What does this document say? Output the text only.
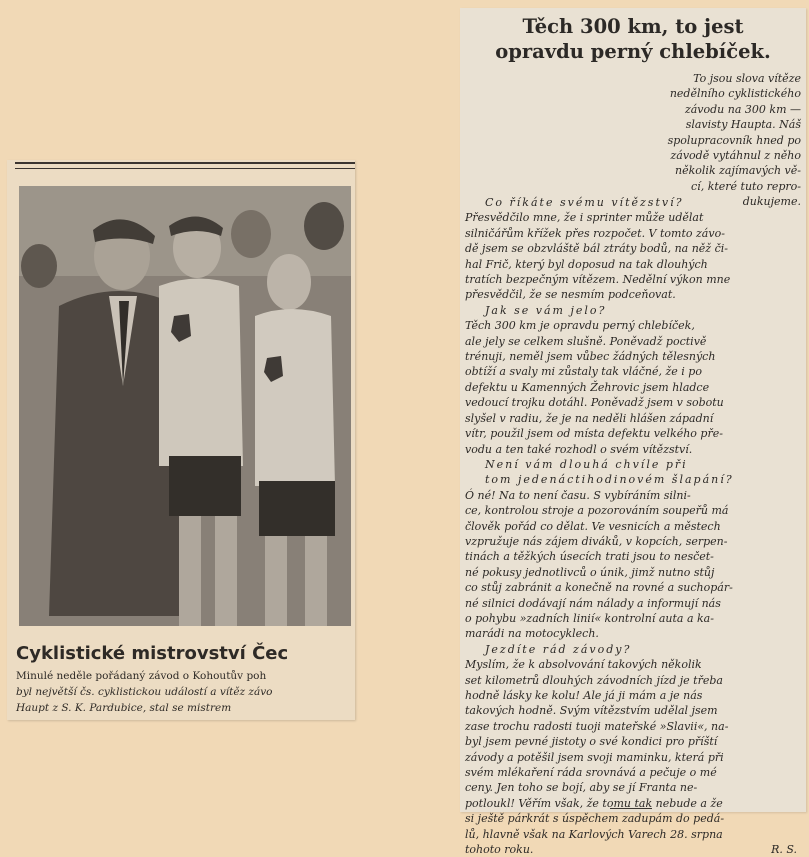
Cyklistické mistrovství Čec
Minulé neděle pořádaný závod o Kohoutův poh
byl největší čs. cyklistickou událostí a vítěz závo
Haupt z S. K. Pardubice, stal se mistrem
Těch 300 km, to jest
opravdu perný chlebíček.
To jsou slova vítěze
nedělního cyklistického
závodu na 300 km —
slavisty Haupta. Náš
spolupracovník hned po
závodě vytáhnul z něho
několik zajímavých vě-
cí, které tuto repro-
dukujeme.
Co říkáte svému vítězství?
Přesvědčilo mne, že i sprinter může udělat
silničářům křížek přes rozpočet. V tomto závo-
dě jsem se obzvláště bál ztráty bodů, na něž či-
hal Frič, který byl doposud na tak dlouhých
tratích bezpečným vítězem. Nedělní výkon mne
přesvědčil, že se nesmím podceňovat.
Jak se vám jelo?
Těch 300 km je opravdu perný chlebíček,
ale jely se celkem slušně. Poněvadž poctivě
trénuji, neměl jsem vůbec žádných tělesných
obtíží a svaly mi zůstaly tak vláčné, že i po
defektu u Kamenných Žehrovic jsem hladce
vedoucí trojku dotáhl. Poněvadž jsem v sobotu
slyšel v radiu, že je na neděli hlášen západní
vítr, použil jsem od místa defektu velkého pře-
vodu a ten také rozhodl o svém vítězství.
Není vám dlouhá chvíle při
tom jedenáctihodinovém šlapání?
Ó né! Na to není času. S vybíráním silni-
ce, kontrolou stroje a pozorováním soupeřů má
člověk pořád co dělat. Ve vesnicích a městech
vzpružuje nás zájem diváků, v kopcích, serpen-
tinách a těžkých úsecích trati jsou to nesčet-
né pokusy jednotlivců o únik, jimž nutno stůj
co stůj zabránit a konečně na rovné a suchopár-
né silnici dodávají nám nálady a informují nás
o pohybu »zadních linií« kontrolní auta a ka-
marádi na motocyklech.
Jezdíte rád závody?
Myslím, že k absolvování takových několik
set kilometrů dlouhých závodních jízd je třeba
hodně lásky ke kolu! Ale já ji mám a je nás
takových hodně. Svým vítězstvím udělal jsem
zase trochu radosti tuoji mateřské »Slavii«, na-
byl jsem pevné jistoty o své kondici pro příští
závody a potěšil jsem svoji maminku, která při
svém mlékaření ráda srovnává a pečuje o mé
ceny. Jen toho se bojí, aby se jí Franta ne-
potloukl! Věřím však, že tomu tak nebude a že
si ještě párkrát s úspěchem zadupám do pedá-
lů, hlavně však na Karlových Varech 28. srpna
tohoto roku.	R. S.
